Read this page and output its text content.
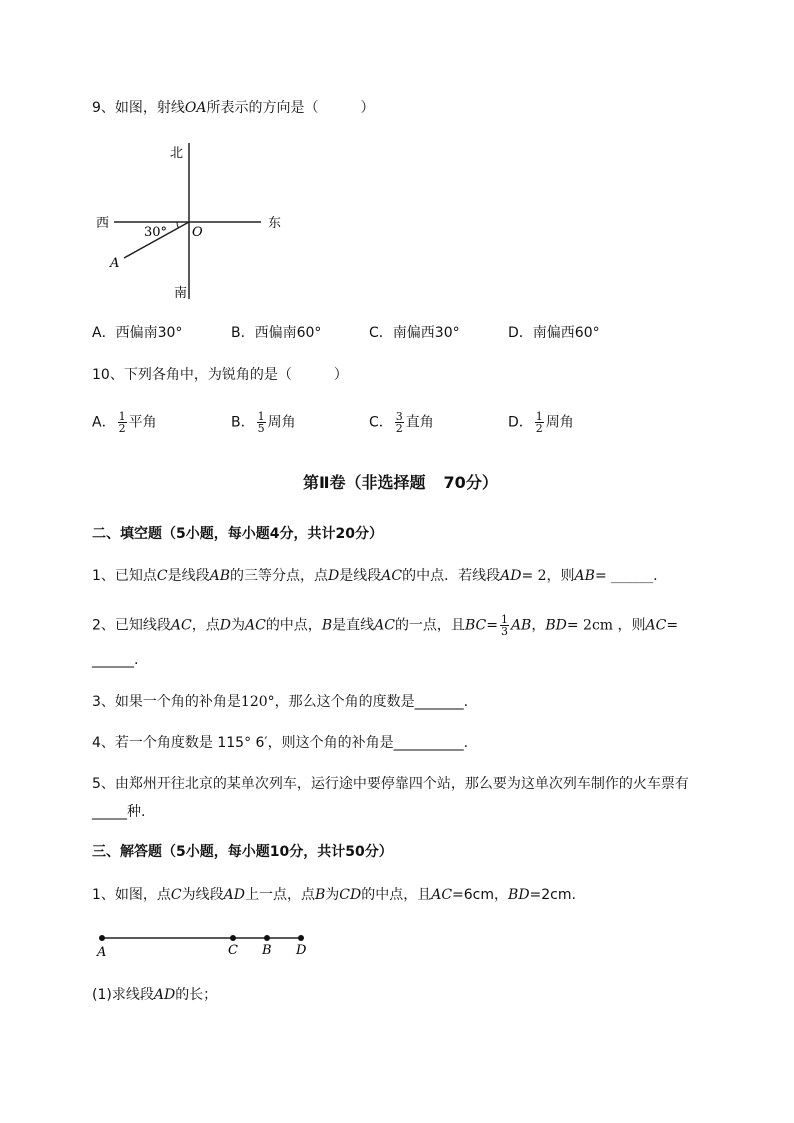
9、如图，射线OA所表示的方向是（　　　）
北
南
西	东
30° O
A
A．西偏南30°	B．西偏南60°	C．南偏西30°	D．南偏西60°
10、下列各角中，为锐角的是（　　　）
A． $\frac{1}{2}$ 平角	B． $\frac{1}{5}$ 周角	C． $\frac{3}{2}$ 直角	D． $\frac{1}{2}$ 周角
第Ⅱ卷（非选择题 70分）
二、填空题（5小题，每小题4分，共计20分）
1、已知点C是线段AB的三等分点，点D是线段AC的中点．若线段AD= 2，则AB= ______.
2、已知线段AC，点D为AC的中点，B是直线AC的一点，且$BC= \frac{1}{3}$ AB，BD= 2cm ，则AC=
______.
3、如果一个角的补角是120°，那么这个角的度数是_______.
4、若一个角度数是 115° 6′，则这个角的补角是__________.
5、由郑州开往北京的某单次列车，运行途中要停靠四个站，那么要为这单次列车制作的火车票有
_____种.
三、解答题（5小题，每小题10分，共计50分）
1、如图，点C为线段AD上一点，点B为CD的中点，且AC=6cm，BD=2cm.
A	C B D
(1)求线段AD的长；
